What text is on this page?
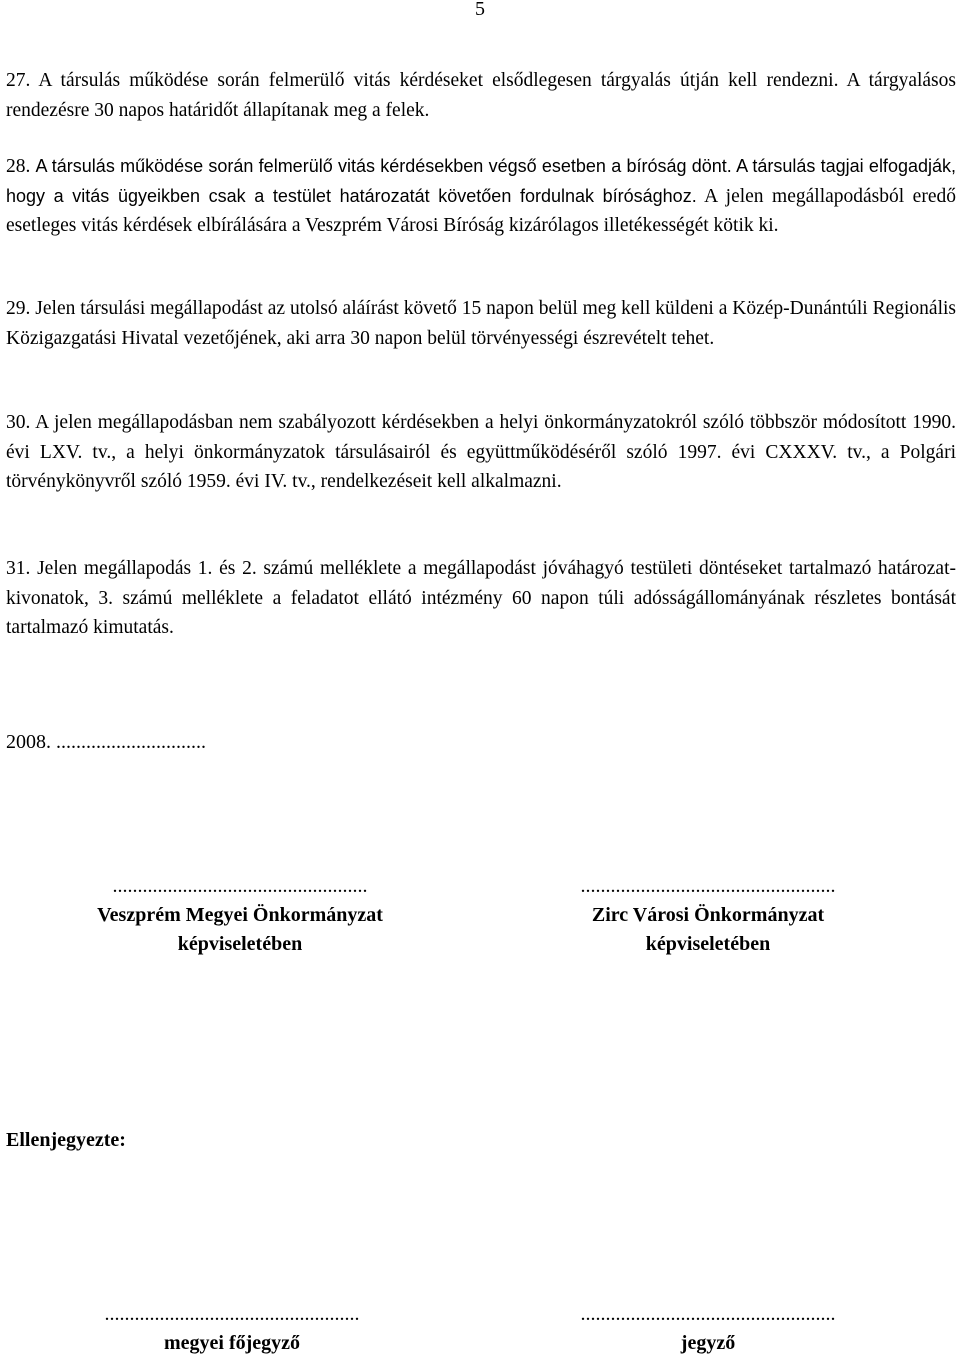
5

27. A társulás működése során felmerülő vitás kérdéseket elsődlegesen tárgyalás útján kell rendezni. A tárgyalásos rendezésre 30 napos határidőt állapítanak meg a felek.

28. A társulás működése során felmerülő vitás kérdésekben végső esetben a bíróság dönt. A társulás tagjai elfogadják, hogy a vitás ügyeikben csak a testület határozatát követően fordulnak bírósághoz. A jelen megállapodásból eredő esetleges vitás kérdések elbírálására a Veszprém Városi Bíróság kizárólagos illetékességét kötik ki.

29. Jelen társulási megállapodást az utolsó aláírást követő 15 napon belül meg kell küldeni a Közép-Dunántúli Regionális Közigazgatási Hivatal vezetőjének, aki arra 30 napon belül törvényességi észrevételt tehet.

30. A jelen megállapodásban nem szabályozott kérdésekben a helyi önkormányzatokról szóló többször módosított 1990. évi LXV. tv., a helyi önkormányzatok társulásairól és együttműködéséről szóló 1997. évi CXXXV. tv., a Polgári törvénykönyvről szóló 1959. évi IV. tv., rendelkezéseit kell alkalmazni.

31. Jelen megállapodás 1. és 2. számú melléklete a megállapodást jóváhagyó testületi döntéseket tartalmazó határozat-kivonatok, 3. számú melléklete a feladatot ellátó intézmény 60 napon túli adósságállományának részletes bontását tartalmazó kimutatás.

2008. ..............................
...................................................
Veszprém Megyei Önkormányzat
képviseletében
...................................................
Zirc Városi Önkormányzat
képviseletében
Ellenjegyezte:
...................................................
megyei főjegyző
...................................................
jegyző
